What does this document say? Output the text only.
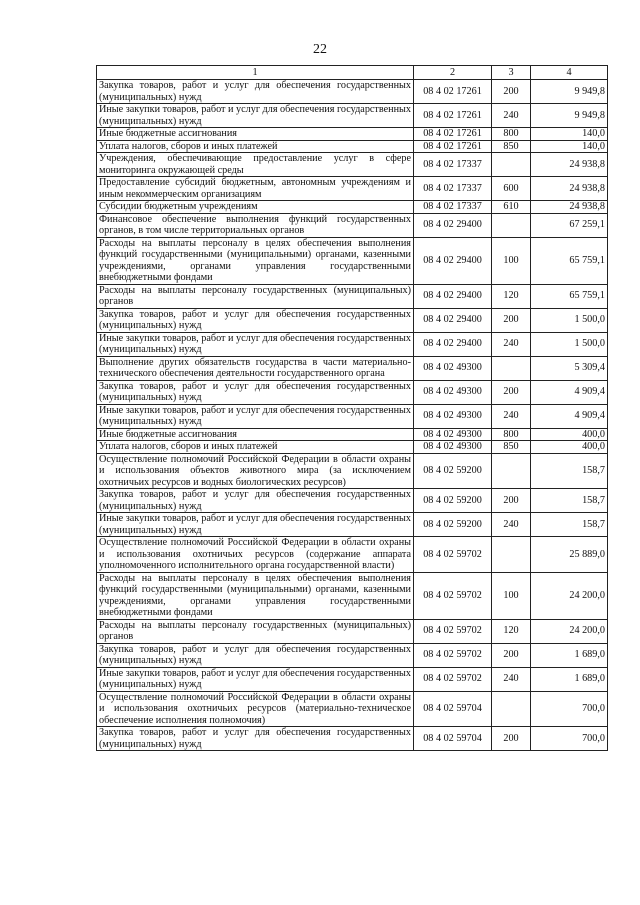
22
1	2	3	4
Закупка товаров, работ и услуг для обеспечения государственных (муниципальных) нужд	08 4 02 17261	200	9 949,8
Иные закупки товаров, работ и услуг для обеспечения государственных (муниципальных) нужд	08 4 02 17261	240	9 949,8
Иные бюджетные ассигнования	08 4 02 17261	800	140,0
Уплата налогов, сборов и иных платежей	08 4 02 17261	850	140,0
Учреждения, обеспечивающие предоставление услуг в сфере мониторинга окружающей среды	08 4 02 17337		24 938,8
Предоставление субсидий бюджетным, автономным учреждениям и иным некоммерческим организациям	08 4 02 17337	600	24 938,8
Субсидии бюджетным учреждениям	08 4 02 17337	610	24 938,8
Финансовое обеспечение выполнения функций государственных органов, в том числе территориальных органов	08 4 02 29400		67 259,1
Расходы на выплаты персоналу в целях обеспечения выполнения функций государственными (муниципальными) органами, казенными учреждениями, органами управления государственными внебюджетными фондами	08 4 02 29400	100	65 759,1
Расходы на выплаты персоналу государственных (муниципальных) органов	08 4 02 29400	120	65 759,1
Закупка товаров, работ и услуг для обеспечения государственных (муниципальных) нужд	08 4 02 29400	200	1 500,0
Иные закупки товаров, работ и услуг для обеспечения государственных (муниципальных) нужд	08 4 02 29400	240	1 500,0
Выполнение других обязательств государства в части материально-технического обеспечения деятельности государственного органа	08 4 02 49300		5 309,4
Закупка товаров, работ и услуг для обеспечения государственных (муниципальных) нужд	08 4 02 49300	200	4 909,4
Иные закупки товаров, работ и услуг для обеспечения государственных (муниципальных) нужд	08 4 02 49300	240	4 909,4
Иные бюджетные ассигнования	08 4 02 49300	800	400,0
Уплата налогов, сборов и иных платежей	08 4 02 49300	850	400,0
Осуществление полномочий Российской Федерации в области охраны и использования объектов животного мира (за исключением охотничьих ресурсов и водных биологических ресурсов)	08 4 02 59200		158,7
Закупка товаров, работ и услуг для обеспечения государственных (муниципальных) нужд	08 4 02 59200	200	158,7
Иные закупки товаров, работ и услуг для обеспечения государственных (муниципальных) нужд	08 4 02 59200	240	158,7
Осуществление полномочий Российской Федерации в области охраны и использования охотничьих ресурсов (содержание аппарата уполномоченного исполнительного органа государственной власти)	08 4 02 59702		25 889,0
Расходы на выплаты персоналу в целях обеспечения выполнения функций государственными (муниципальными) органами, казенными учреждениями, органами управления государственными внебюджетными фондами	08 4 02 59702	100	24 200,0
Расходы на выплаты персоналу государственных (муниципальных) органов	08 4 02 59702	120	24 200,0
Закупка товаров, работ и услуг для обеспечения государственных (муниципальных) нужд	08 4 02 59702	200	1 689,0
Иные закупки товаров, работ и услуг для обеспечения государственных (муниципальных) нужд	08 4 02 59702	240	1 689,0
Осуществление полномочий Российской Федерации в области охраны и использования охотничьих ресурсов (материально-техническое обеспечение исполнения полномочия)	08 4 02 59704		700,0
Закупка товаров, работ и услуг для обеспечения государственных (муниципальных) нужд	08 4 02 59704	200	700,0
